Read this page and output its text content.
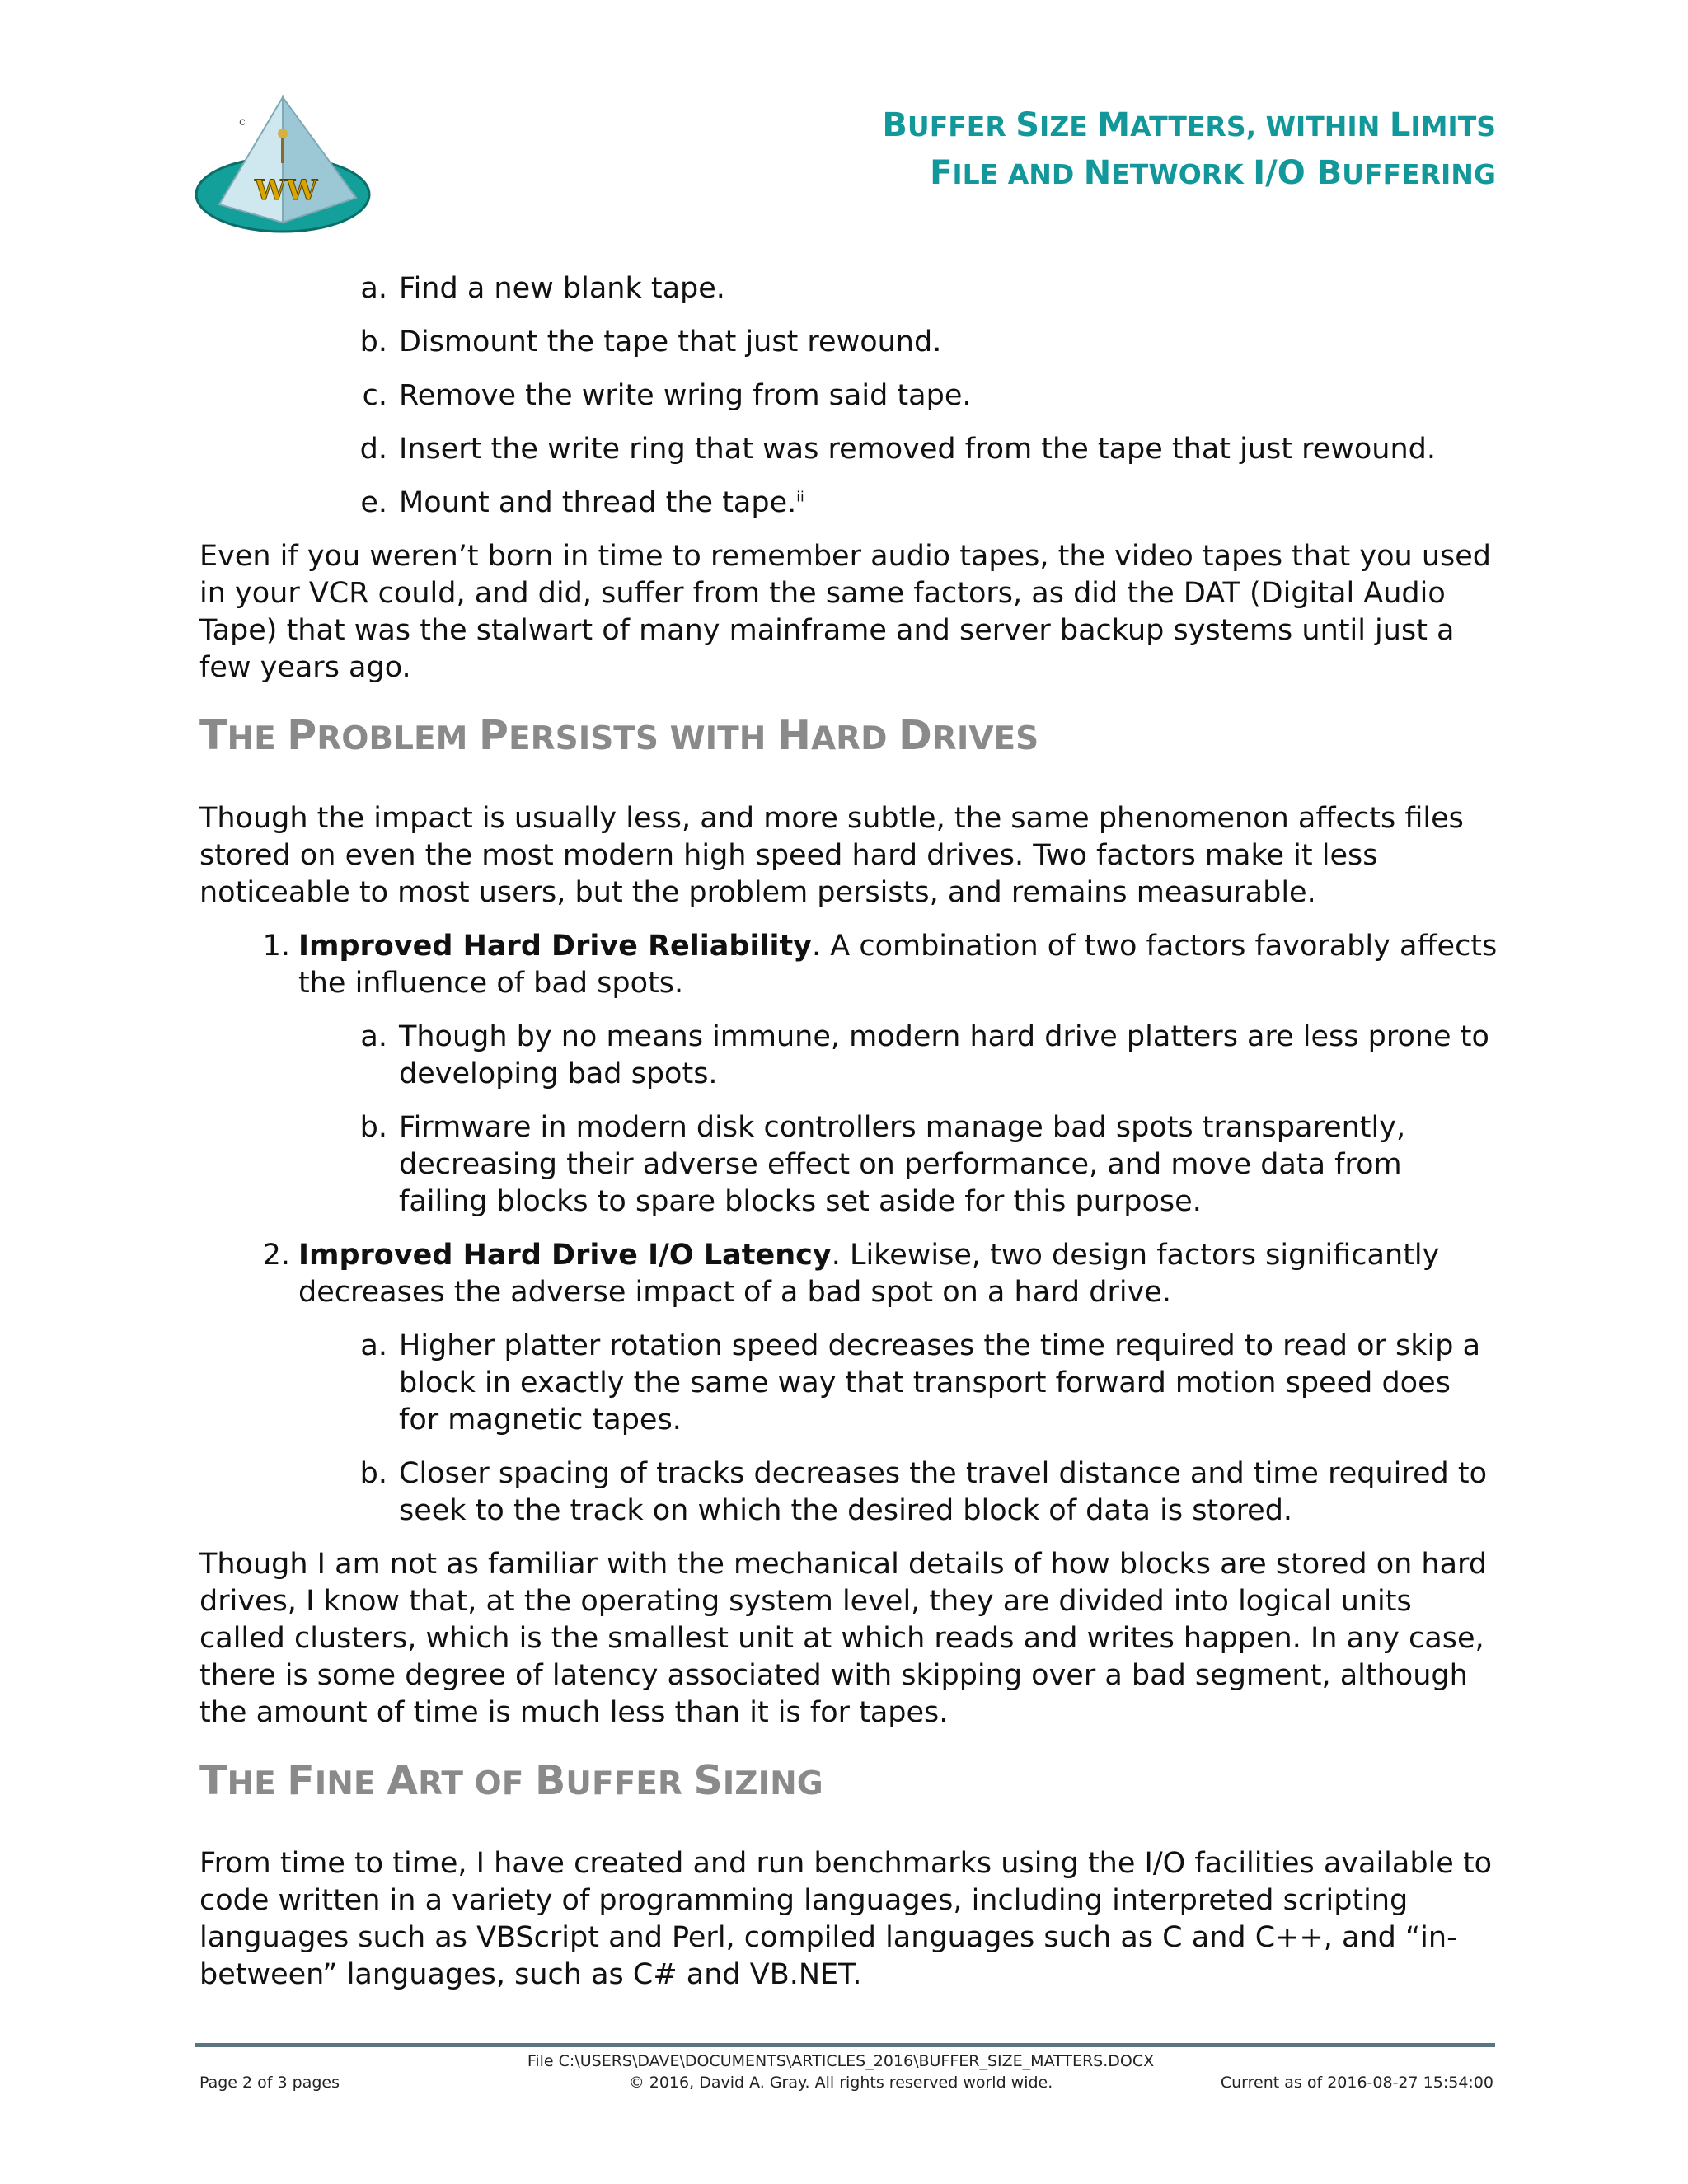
c
WW
BUFFER SIZE MATTERS, WITHIN LIMITS
FILE AND NETWORK I/O BUFFERING
a. Find a new blank tape.
b. Dismount the tape that just rewound.
c. Remove the write wring from said tape.
d. Insert the write ring that was removed from the tape that just rewound.
e. Mount and thread the tape.$^{ii}$

Even if you weren’t born in time to remember audio tapes, the video tapes that you used in your VCR could, and did, suffer from the same factors, as did the DAT (Digital Audio Tape) that was the stalwart of many mainframe and server backup systems until just a few years ago.

THE PROBLEM PERSISTS WITH HARD DRIVES

Though the impact is usually less, and more subtle, the same phenomenon affects files stored on even the most modern high speed hard drives. Two factors make it less noticeable to most users, but the problem persists, and remains measurable.

1. Improved Hard Drive Reliability. A combination of two factors favorably affects the influence of bad spots.
a. Though by no means immune, modern hard drive platters are less prone to developing bad spots.
b. Firmware in modern disk controllers manage bad spots transparently, decreasing their adverse effect on performance, and move data from failing blocks to spare blocks set aside for this purpose.
2. Improved Hard Drive I/O Latency. Likewise, two design factors significantly decreases the adverse impact of a bad spot on a hard drive.
a. Higher platter rotation speed decreases the time required to read or skip a block in exactly the same way that transport forward motion speed does for magnetic tapes.
b. Closer spacing of tracks decreases the travel distance and time required to seek to the track on which the desired block of data is stored.

Though I am not as familiar with the mechanical details of how blocks are stored on hard drives, I know that, at the operating system level, they are divided into logical units called clusters, which is the smallest unit at which reads and writes happen. In any case, there is some degree of latency associated with skipping over a bad segment, although the amount of time is much less than it is for tapes.

THE FINE ART OF BUFFER SIZING

From time to time, I have created and run benchmarks using the I/O facilities available to code written in a variety of programming languages, including interpreted scripting languages such as VBScript and Perl, compiled languages such as C and C++, and “in-between” languages, such as C# and VB.NET.

File C:\USERS\DAVE\DOCUMENTS\ARTICLES_2016\BUFFER_SIZE_MATTERS.DOCX
© 2016, David A. Gray. All rights reserved world wide.
Page 2 of 3 pages	Current as of 2016-08-27 15:54:00
